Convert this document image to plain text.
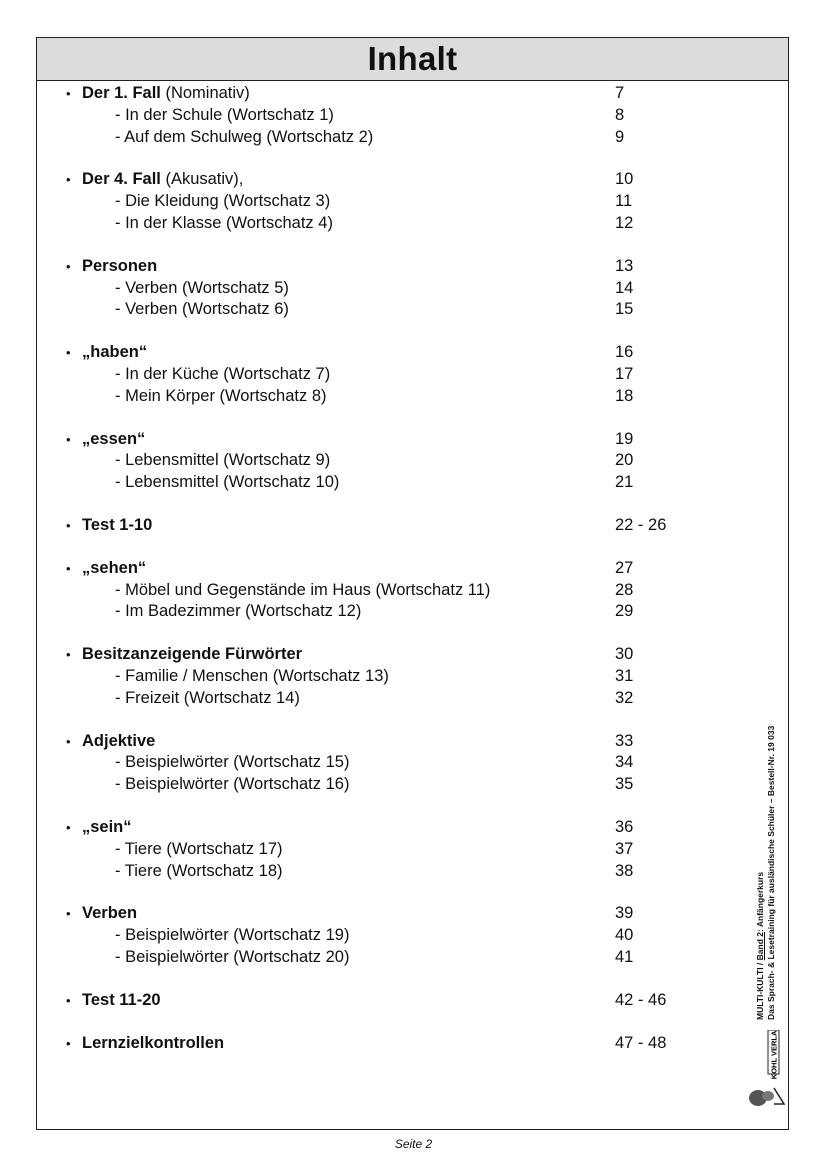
Inhalt
• Der 1. Fall (Nominativ)	7
- In der Schule (Wortschatz 1)	8
- Auf dem Schulweg (Wortschatz 2)	9
• Der 4. Fall (Akusativ),	10
- Die Kleidung (Wortschatz 3)	11
- In der Klasse (Wortschatz 4)	12
• Personen	13
- Verben (Wortschatz 5)	14
- Verben (Wortschatz 6)	15
• „haben“	16
- In der Küche (Wortschatz 7)	17
- Mein Körper (Wortschatz 8)	18
• „essen“	19
- Lebensmittel (Wortschatz 9)	20
- Lebensmittel (Wortschatz 10)	21
• Test 1-10	22 - 26
• „sehen“	27
- Möbel und Gegenstände im Haus (Wortschatz 11)	28
- Im Badezimmer (Wortschatz 12)	29
• Besitzanzeigende Fürwörter	30
- Familie / Menschen (Wortschatz 13)	31
- Freizeit (Wortschatz 14)	32
• Adjektive	33
- Beispielwörter (Wortschatz 15)	34
- Beispielwörter (Wortschatz 16)	35
• „sein“	36
- Tiere (Wortschatz 17)	37
- Tiere (Wortschatz 18)	38
• Verben	39
- Beispielwörter (Wortschatz 19)	40
- Beispielwörter (Wortschatz 20)	41
• Test 11-20	42 - 46
• Lernzielkontrollen	47 - 48
MULTI-KULTI / Band 2: Anfängerkurs Das Sprach- & Lesetraining für ausländische Schüler – Bestell-Nr. 19 033
KOHL VERLAG
Seite 2
